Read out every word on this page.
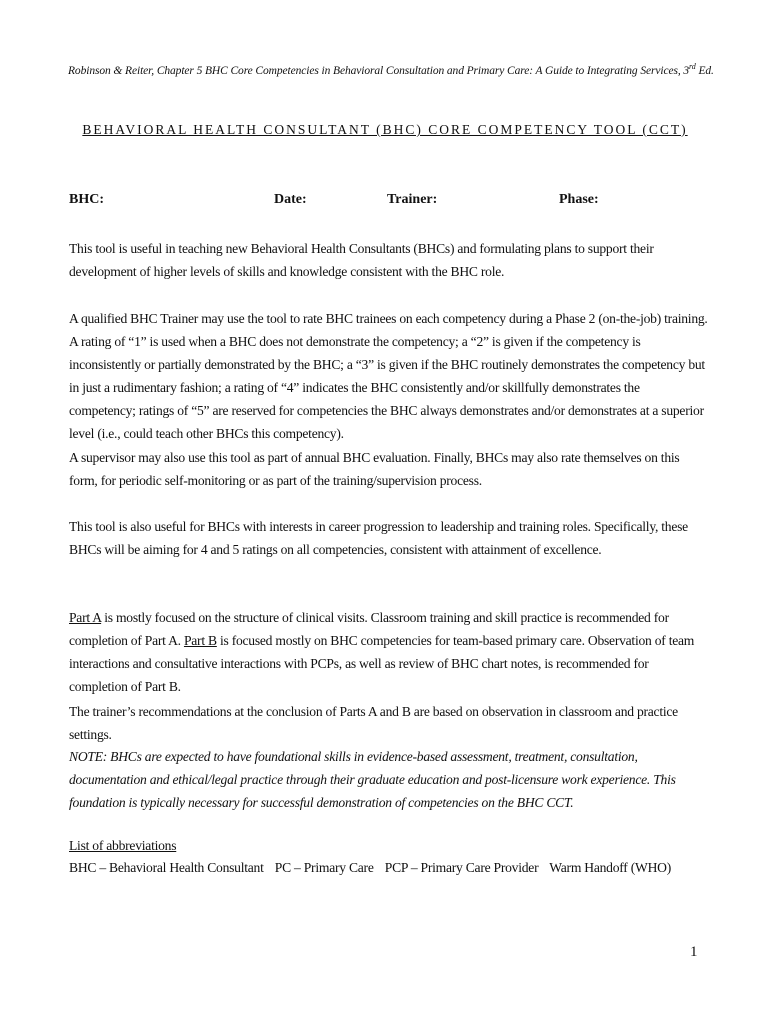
Robinson & Reiter, Chapter 5 BHC Core Competencies in Behavioral Consultation and Primary Care: A Guide to Integrating Services, 3rd Ed.
BEHAVIORAL HEALTH CONSULTANT (BHC) CORE COMPETENCY TOOL (CCT)
BHC:	Date:	Trainer:	Phase:
This tool is useful in teaching new Behavioral Health Consultants (BHCs) and formulating plans to support their development of higher levels of skills and knowledge consistent with the BHC role.
A qualified BHC Trainer may use the tool to rate BHC trainees on each competency during a Phase 2 (on-the-job) training. A rating of “1” is used when a BHC does not demonstrate the competency; a “2” is given if the competency is inconsistently or partially demonstrated by the BHC; a “3” is given if the BHC routinely demonstrates the competency but in just a rudimentary fashion; a rating of “4” indicates the BHC consistently and/or skillfully demonstrates the competency; ratings of “5” are reserved for competencies the BHC always demonstrates and/or demonstrates at a superior level (i.e., could teach other BHCs this competency).
A supervisor may also use this tool as part of annual BHC evaluation. Finally, BHCs may also rate themselves on this form, for periodic self-monitoring or as part of the training/supervision process.
This tool is also useful for BHCs with interests in career progression to leadership and training roles. Specifically, these BHCs will be aiming for 4 and 5 ratings on all competencies, consistent with attainment of excellence.
Part A is mostly focused on the structure of clinical visits. Classroom training and skill practice is recommended for completion of Part A. Part B is focused mostly on BHC competencies for team-based primary care. Observation of team interactions and consultative interactions with PCPs, as well as review of BHC chart notes, is recommended for completion of Part B.
The trainer’s recommendations at the conclusion of Parts A and B are based on observation in classroom and practice settings.
NOTE: BHCs are expected to have foundational skills in evidence-based assessment, treatment, consultation, documentation and ethical/legal practice through their graduate education and post-licensure work experience. This foundation is typically necessary for successful demonstration of competencies on the BHC CCT.
List of abbreviations
BHC – Behavioral Health Consultant PC – Primary Care PCP – Primary Care Provider Warm Handoff (WHO)
1
